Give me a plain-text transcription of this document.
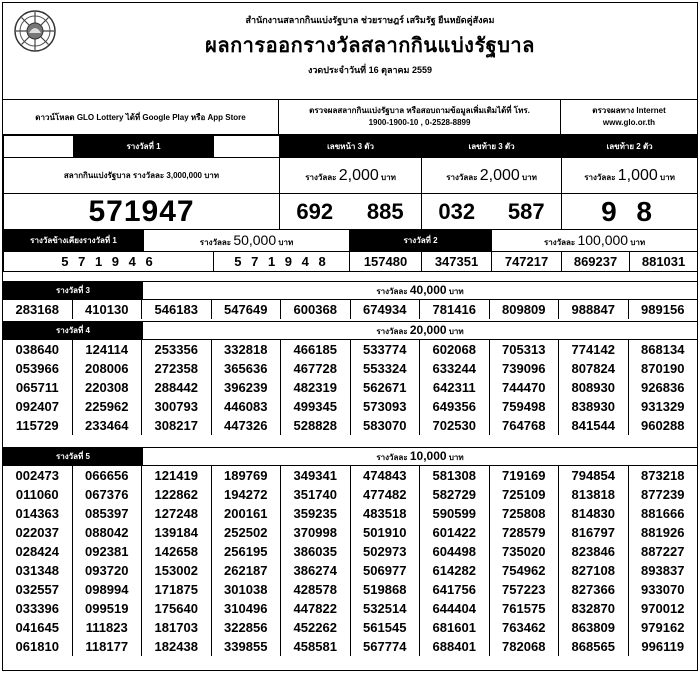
สำนักงานสลากกินแบ่งรัฐบาล ช่วยราษฎร์ เสริมรัฐ ยืนหยัดคู่สังคม
ผลการออกรางวัลสลากกินแบ่งรัฐบาล
งวดประจำวันที่ 16 ตุลาคม 2559
ดาวน์โหลด GLO Lottery ได้ที่ Google Play หรือ App Store
ตรวจผลสลากกินแบ่งรัฐบาล หรือสอบถามข้อมูลเพิ่มเติมได้ที่ โทร.
1900-1900-10 , 0-2528-8899
ตรวจผลทาง Internet
www.glo.or.th
	รางวัลที่ 1			เลขหน้า 3 ตัว		เลขท้าย 3 ตัว		เลขท้าย 2 ตัว	
สลากกินแบ่งรัฐบาล รางวัลละ 3,000,000 บาท				รางวัลละ 2,000 บาท		รางวัลละ 2,000 บาท		รางวัลละ 1,000 บาท	
571947				692	885	032	587	9 8	
รางวัลข้างเคียงรางวัลที่ 1		รางวัลละ 50,000 บาท			รางวัลที่ 2		รางวัลละ 100,000 บาท		
5 7 1 9 4 6			5 7 1 9 4 8		157480	347351	747217	869237	881031
รางวัลที่ 3	รางวัลละ 40,000 บาท
283168	410130	546183	547649	600368	674934	781416	809809	988847	989156
รางวัลที่ 4	รางวัลละ 20,000 บาท
038640	124114	253356	332818	466185	533774	602068	705313	774142	868134
053966	208006	272358	365636	467728	553324	633244	739096	807824	870190
065711	220308	288442	396239	482319	562671	642311	744470	808930	926836
092407	225962	300793	446083	499345	573093	649356	759498	838930	931329
115729	233464	308217	447326	528828	583070	702530	764768	841544	960288
รางวัลที่ 5	รางวัลละ 10,000 บาท
002473	066656	121419	189769	349341	474843	581308	719169	794854	873218
011060	067376	122862	194272	351740	477482	582729	725109	813818	877239
014363	085397	127248	200161	359235	483518	590599	725808	814830	881666
022037	088042	139184	252502	370998	501910	601422	728579	816797	881926
028424	092381	142658	256195	386035	502973	604498	735020	823846	887227
031348	093720	153002	262187	386274	506977	614282	754962	827108	893837
032557	098994	171875	301038	428578	519868	641756	757223	827366	933070
033396	099519	175640	310496	447822	532514	644404	761575	832870	970012
041645	111823	181703	322856	452262	561545	681601	763462	863809	979162
061810	118177	182438	339855	458581	567774	688401	782068	868565	996119
